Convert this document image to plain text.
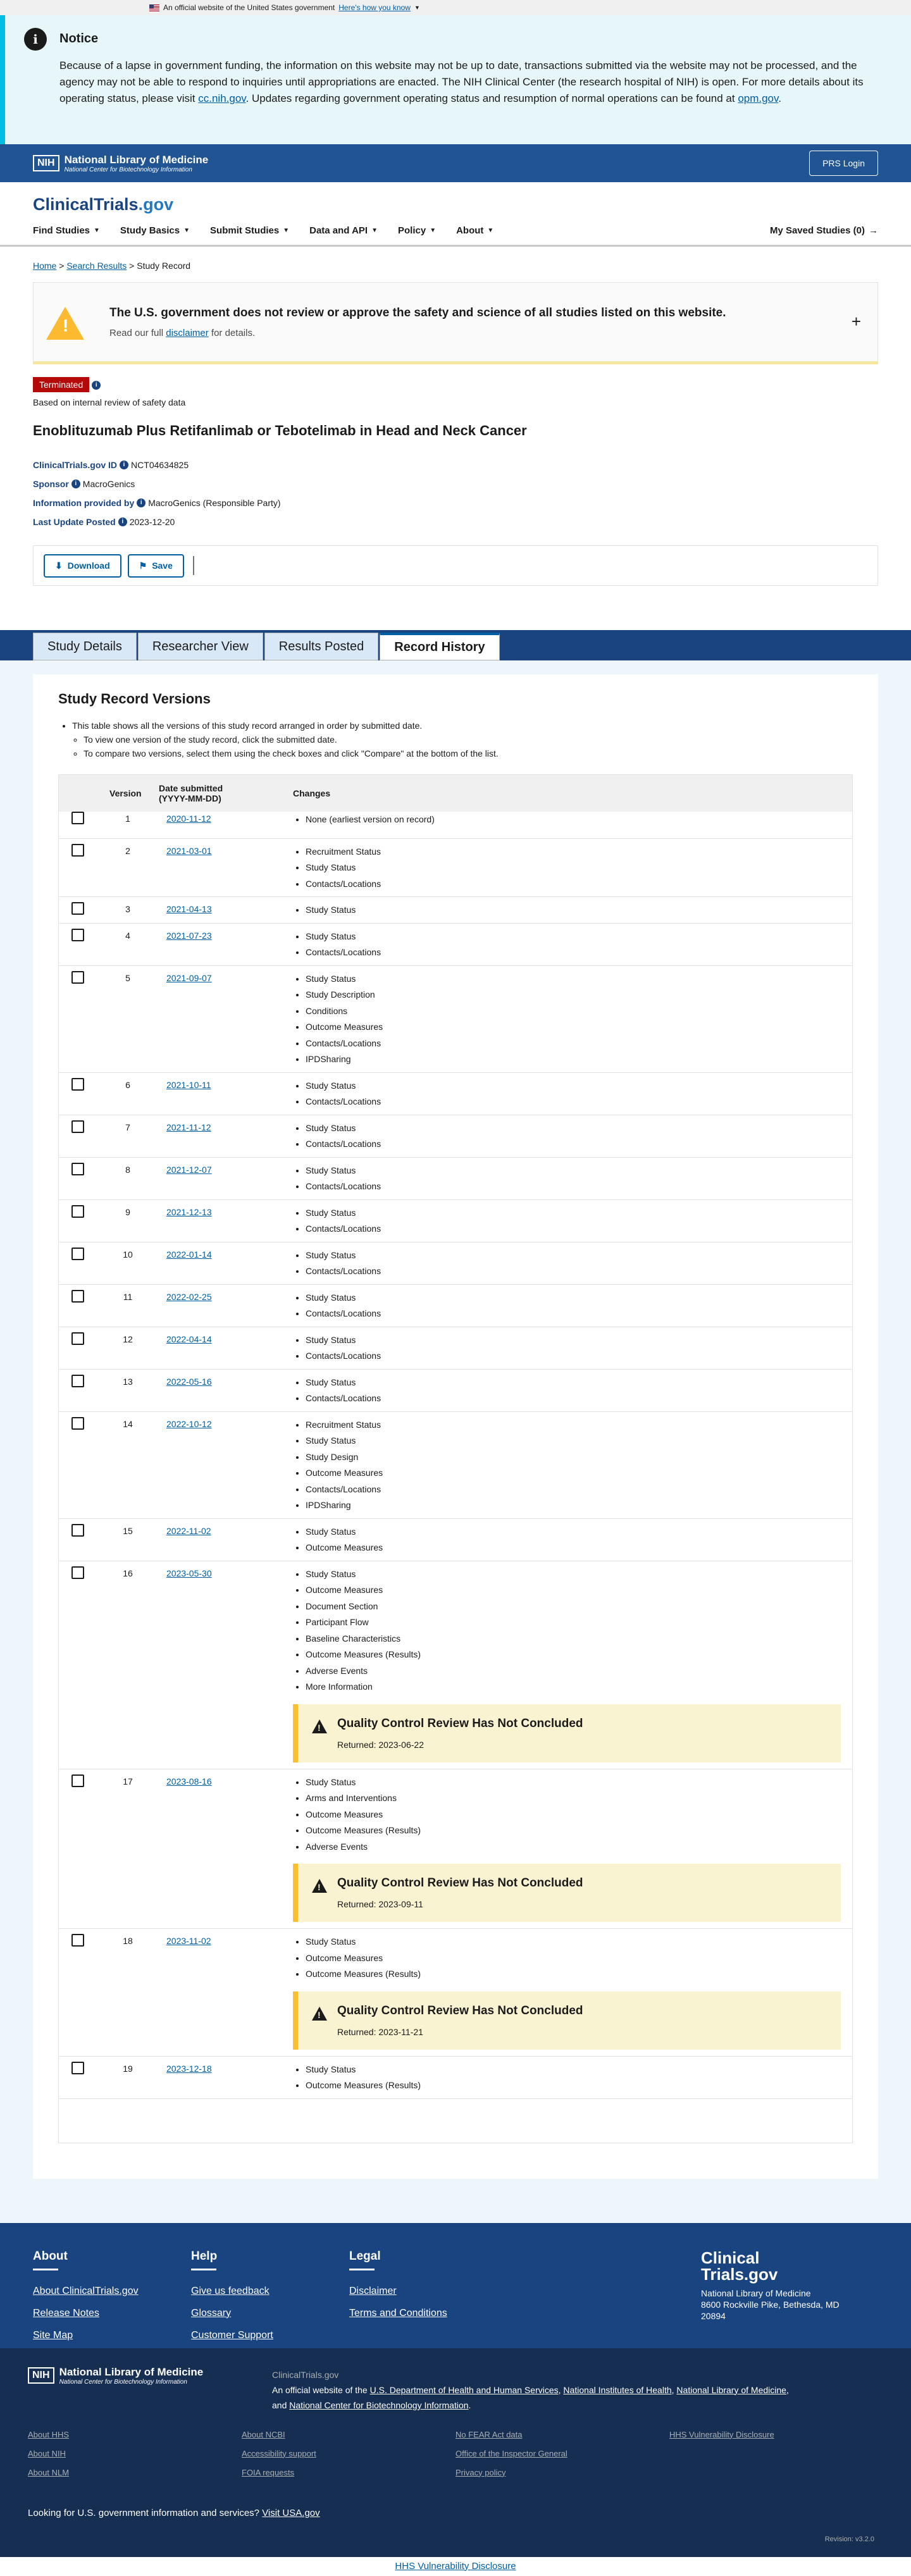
An official website of the United States government Here's how you know ▼
i	Notice

Because of a lapse in government funding, the information on this website may not be up to date, transactions submitted via the website may not be processed, and the agency may not be able to respond to inquiries until appropriations are enacted. The NIH Clinical Center (the research hospital of NIH) is open. For more details about its operating status, please visit cc.nih.gov. Updates regarding government operating status and resumption of normal operations can be found at opm.gov.

NIH National Library of Medicine
National Center for Biotechnology Information
PRS Login
ClinicalTrials.gov
Find Studies ▼ Study Basics ▼ Submit Studies ▼ Data and API ▼ Policy ▼ About ▼	My Saved Studies (0) →
Home > Search Results > Study Record
!
The U.S. government does not review or approve the safety and science of all studies listed on this website.
Read our full disclaimer for details.
+
Terminated i
Based on internal review of safety data
Enoblituzumab Plus Retifanlimab or Tebotelimab in Head and Neck Cancer
ClinicalTrials.gov ID i NCT04634825
Sponsor i MacroGenics
Information provided by i MacroGenics (Responsible Party)
Last Update Posted i 2023-12-20
⬇ Download	⚑ Save
Study Details	Researcher View	Results Posted	Record History
Study Record Versions
• This table shows all the versions of this study record arranged in order by submitted date.
◦ To view one version of the study record, click the submitted date.
◦ To compare two versions, select them using the check boxes and click "Compare" at the bottom of the list.
Version	Date submitted
(YYYY-MM-DD)	Changes
1	2020-11-12	• None (earliest version on record)
2	2021-03-01	• Recruitment Status
• Study Status
• Contacts/Locations
3	2021-04-13	• Study Status
4	2021-07-23	• Study Status
• Contacts/Locations
5	2021-09-07	• Study Status
• Study Description
• Conditions
• Outcome Measures
• Contacts/Locations
• IPDSharing
6	2021-10-11	• Study Status
• Contacts/Locations
7	2021-11-12	• Study Status
• Contacts/Locations
8	2021-12-07	• Study Status
• Contacts/Locations
9	2021-12-13	• Study Status
• Contacts/Locations
10	2022-01-14	• Study Status
• Contacts/Locations
11	2022-02-25	• Study Status
• Contacts/Locations
12	2022-04-14	• Study Status
• Contacts/Locations
13	2022-05-16	• Study Status
• Contacts/Locations
14	2022-10-12	• Recruitment Status
• Study Status
• Study Design
• Outcome Measures
• Contacts/Locations
• IPDSharing
15	2022-11-02	• Study Status
• Outcome Measures
16	2023-05-30	• Study Status
• Outcome Measures
• Document Section
• Participant Flow
• Baseline Characteristics
• Outcome Measures (Results)
• Adverse Events
• More Information
!
Quality Control Review Has Not Concluded
Returned: 2023-06-22
17	2023-08-16	• Study Status
• Arms and Interventions
• Outcome Measures
• Outcome Measures (Results)
• Adverse Events
!
Quality Control Review Has Not Concluded
Returned: 2023-09-11
18	2023-11-02	• Study Status
• Outcome Measures
• Outcome Measures (Results)
!
Quality Control Review Has Not Concluded
Returned: 2023-11-21
19	2023-12-18	• Study Status
• Outcome Measures (Results)
About
About ClinicalTrials.gov
Release Notes
Site Map
Help
Give us feedback
Glossary
Customer Support
Legal
Disclaimer
Terms and Conditions
Clinical
Trials.gov
National Library of Medicine
8600 Rockville Pike, Bethesda, MD
20894
NIH National Library of Medicine
National Center for Biotechnology Information
ClinicalTrials.gov
An official website of the U.S. Department of Health and Human Services, National Institutes of Health, National Library of Medicine,
and National Center for Biotechnology Information.
About HHS
About NIH
About NLM
About NCBI
Accessibility support
FOIA requests
No FEAR Act data
Office of the Inspector General
Privacy policy
HHS Vulnerability Disclosure
Looking for U.S. government information and services? Visit USA.gov
Revision: v3.2.0
HHS Vulnerability Disclosure
